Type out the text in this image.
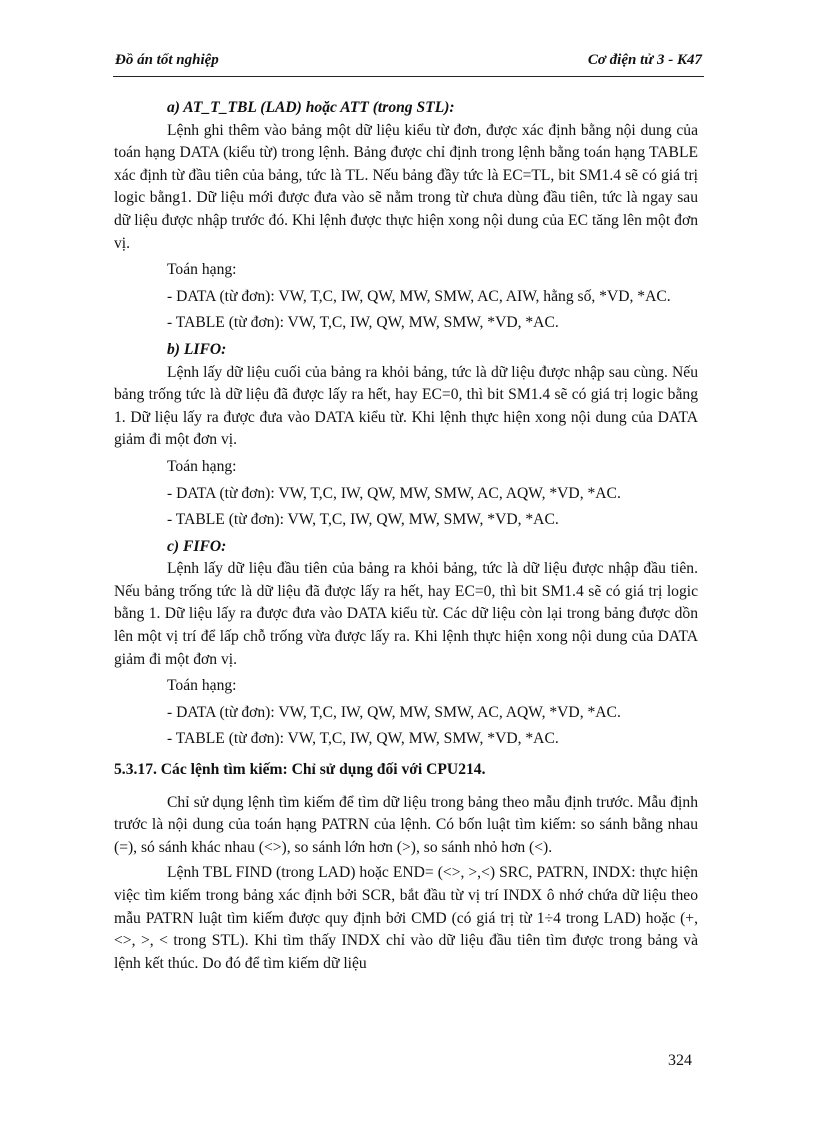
Đồ án tốt nghiệp	Cơ điện tử 3 - K47

a) AT_T_TBL (LAD) hoặc ATT (trong STL):

Lệnh ghi thêm vào bảng một dữ liệu kiểu từ đơn, được xác định bằng nội dung của toán hạng DATA (kiểu từ) trong lệnh. Bảng được chỉ định trong lệnh bằng toán hạng TABLE xác định từ đầu tiên của bảng, tức là TL. Nếu bảng đầy tức là EC=TL, bit SM1.4 sẽ có giá trị logic bằng1. Dữ liệu mới được đưa vào sẽ nằm trong từ chưa dùng đầu tiên, tức là ngay sau dữ liệu được nhập trước đó. Khi lệnh được thực hiện xong nội dung của EC tăng lên một đơn vị.

Toán hạng:

- DATA (từ đơn): VW, T,C, IW, QW, MW, SMW, AC, AIW, hằng số, *VD, *AC.

- TABLE (từ đơn): VW, T,C, IW, QW, MW, SMW, *VD, *AC.

b) LIFO:

Lệnh lấy dữ liệu cuối của bảng ra khỏi bảng, tức là dữ liệu được nhập sau cùng. Nếu bảng trống tức là dữ liệu đã được lấy ra hết, hay EC=0, thì bit SM1.4 sẽ có giá trị logic bằng 1. Dữ liệu lấy ra được đưa vào DATA kiểu từ. Khi lệnh thực hiện xong nội dung của DATA giảm đi một đơn vị.

Toán hạng:

- DATA (từ đơn): VW, T,C, IW, QW, MW, SMW, AC, AQW, *VD, *AC.

- TABLE (từ đơn): VW, T,C, IW, QW, MW, SMW, *VD, *AC.

c) FIFO:

Lệnh lấy dữ liệu đầu tiên của bảng ra khỏi bảng, tức là dữ liệu được nhập đầu tiên. Nếu bảng trống tức là dữ liệu đã được lấy ra hết, hay EC=0, thì bit SM1.4 sẽ có giá trị logic bằng 1. Dữ liệu lấy ra được đưa vào DATA kiểu từ. Các dữ liệu còn lại trong bảng được dồn lên một vị trí để lấp chỗ trống vừa được lấy ra. Khi lệnh thực hiện xong nội dung của DATA giảm đi một đơn vị.

Toán hạng:

- DATA (từ đơn): VW, T,C, IW, QW, MW, SMW, AC, AQW, *VD, *AC.

- TABLE (từ đơn): VW, T,C, IW, QW, MW, SMW, *VD, *AC.

5.3.17. Các lệnh tìm kiếm: Chỉ sử dụng đối với CPU214.

Chỉ sử dụng lệnh tìm kiếm để tìm dữ liệu trong bảng theo mẫu định trước. Mẫu định trước là nội dung của toán hạng PATRN của lệnh. Có bốn luật tìm kiếm: so sánh bằng nhau (=), só sánh khác nhau (<>), so sánh lớn hơn (>), so sánh nhỏ hơn (<).

Lệnh TBL FIND (trong LAD) hoặc END= (<>, >,<) SRC, PATRN, INDX: thực hiện việc tìm kiếm trong bảng xác định bởi SCR, bắt đầu từ vị trí INDX ô nhớ chứa dữ liệu theo mẫu PATRN luật tìm kiếm được quy định bởi CMD (có giá trị từ 1÷4 trong LAD) hoặc (+, <>, >, < trong STL). Khi tìm thấy INDX chỉ vào dữ liệu đầu tiên tìm được trong bảng và lệnh kết thúc. Do đó để tìm kiếm dữ liệu

324
